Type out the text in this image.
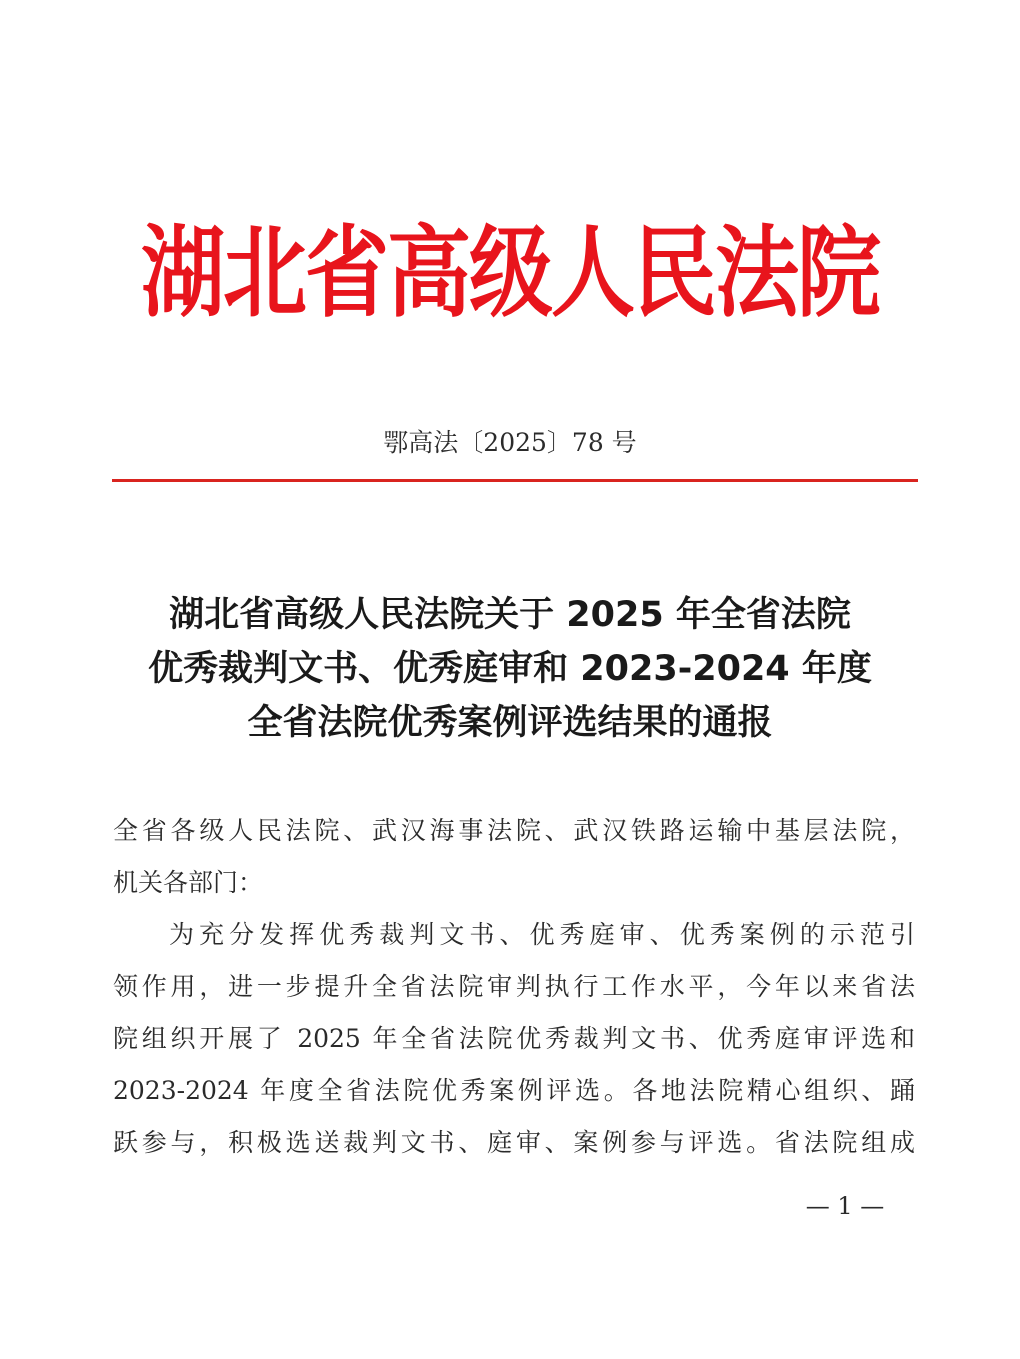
湖北省高级人民法院
鄂高法〔2025〕78 号
湖北省高级人民法院关于 2025 年全省法院
优秀裁判文书、优秀庭审和 2023-2024 年度
全省法院优秀案例评选结果的通报
全省各级人民法院、武汉海事法院、武汉铁路运输中基层法院，
机关各部门：
为充分发挥优秀裁判文书、优秀庭审、优秀案例的示范引
领作用，进一步提升全省法院审判执行工作水平，今年以来省法
院组织开展了 2025 年全省法院优秀裁判文书、优秀庭审评选和
2023-2024 年度全省法院优秀案例评选。各地法院精心组织、踊
跃参与，积极选送裁判文书、庭审、案例参与评选。省法院组成
— 1 —
